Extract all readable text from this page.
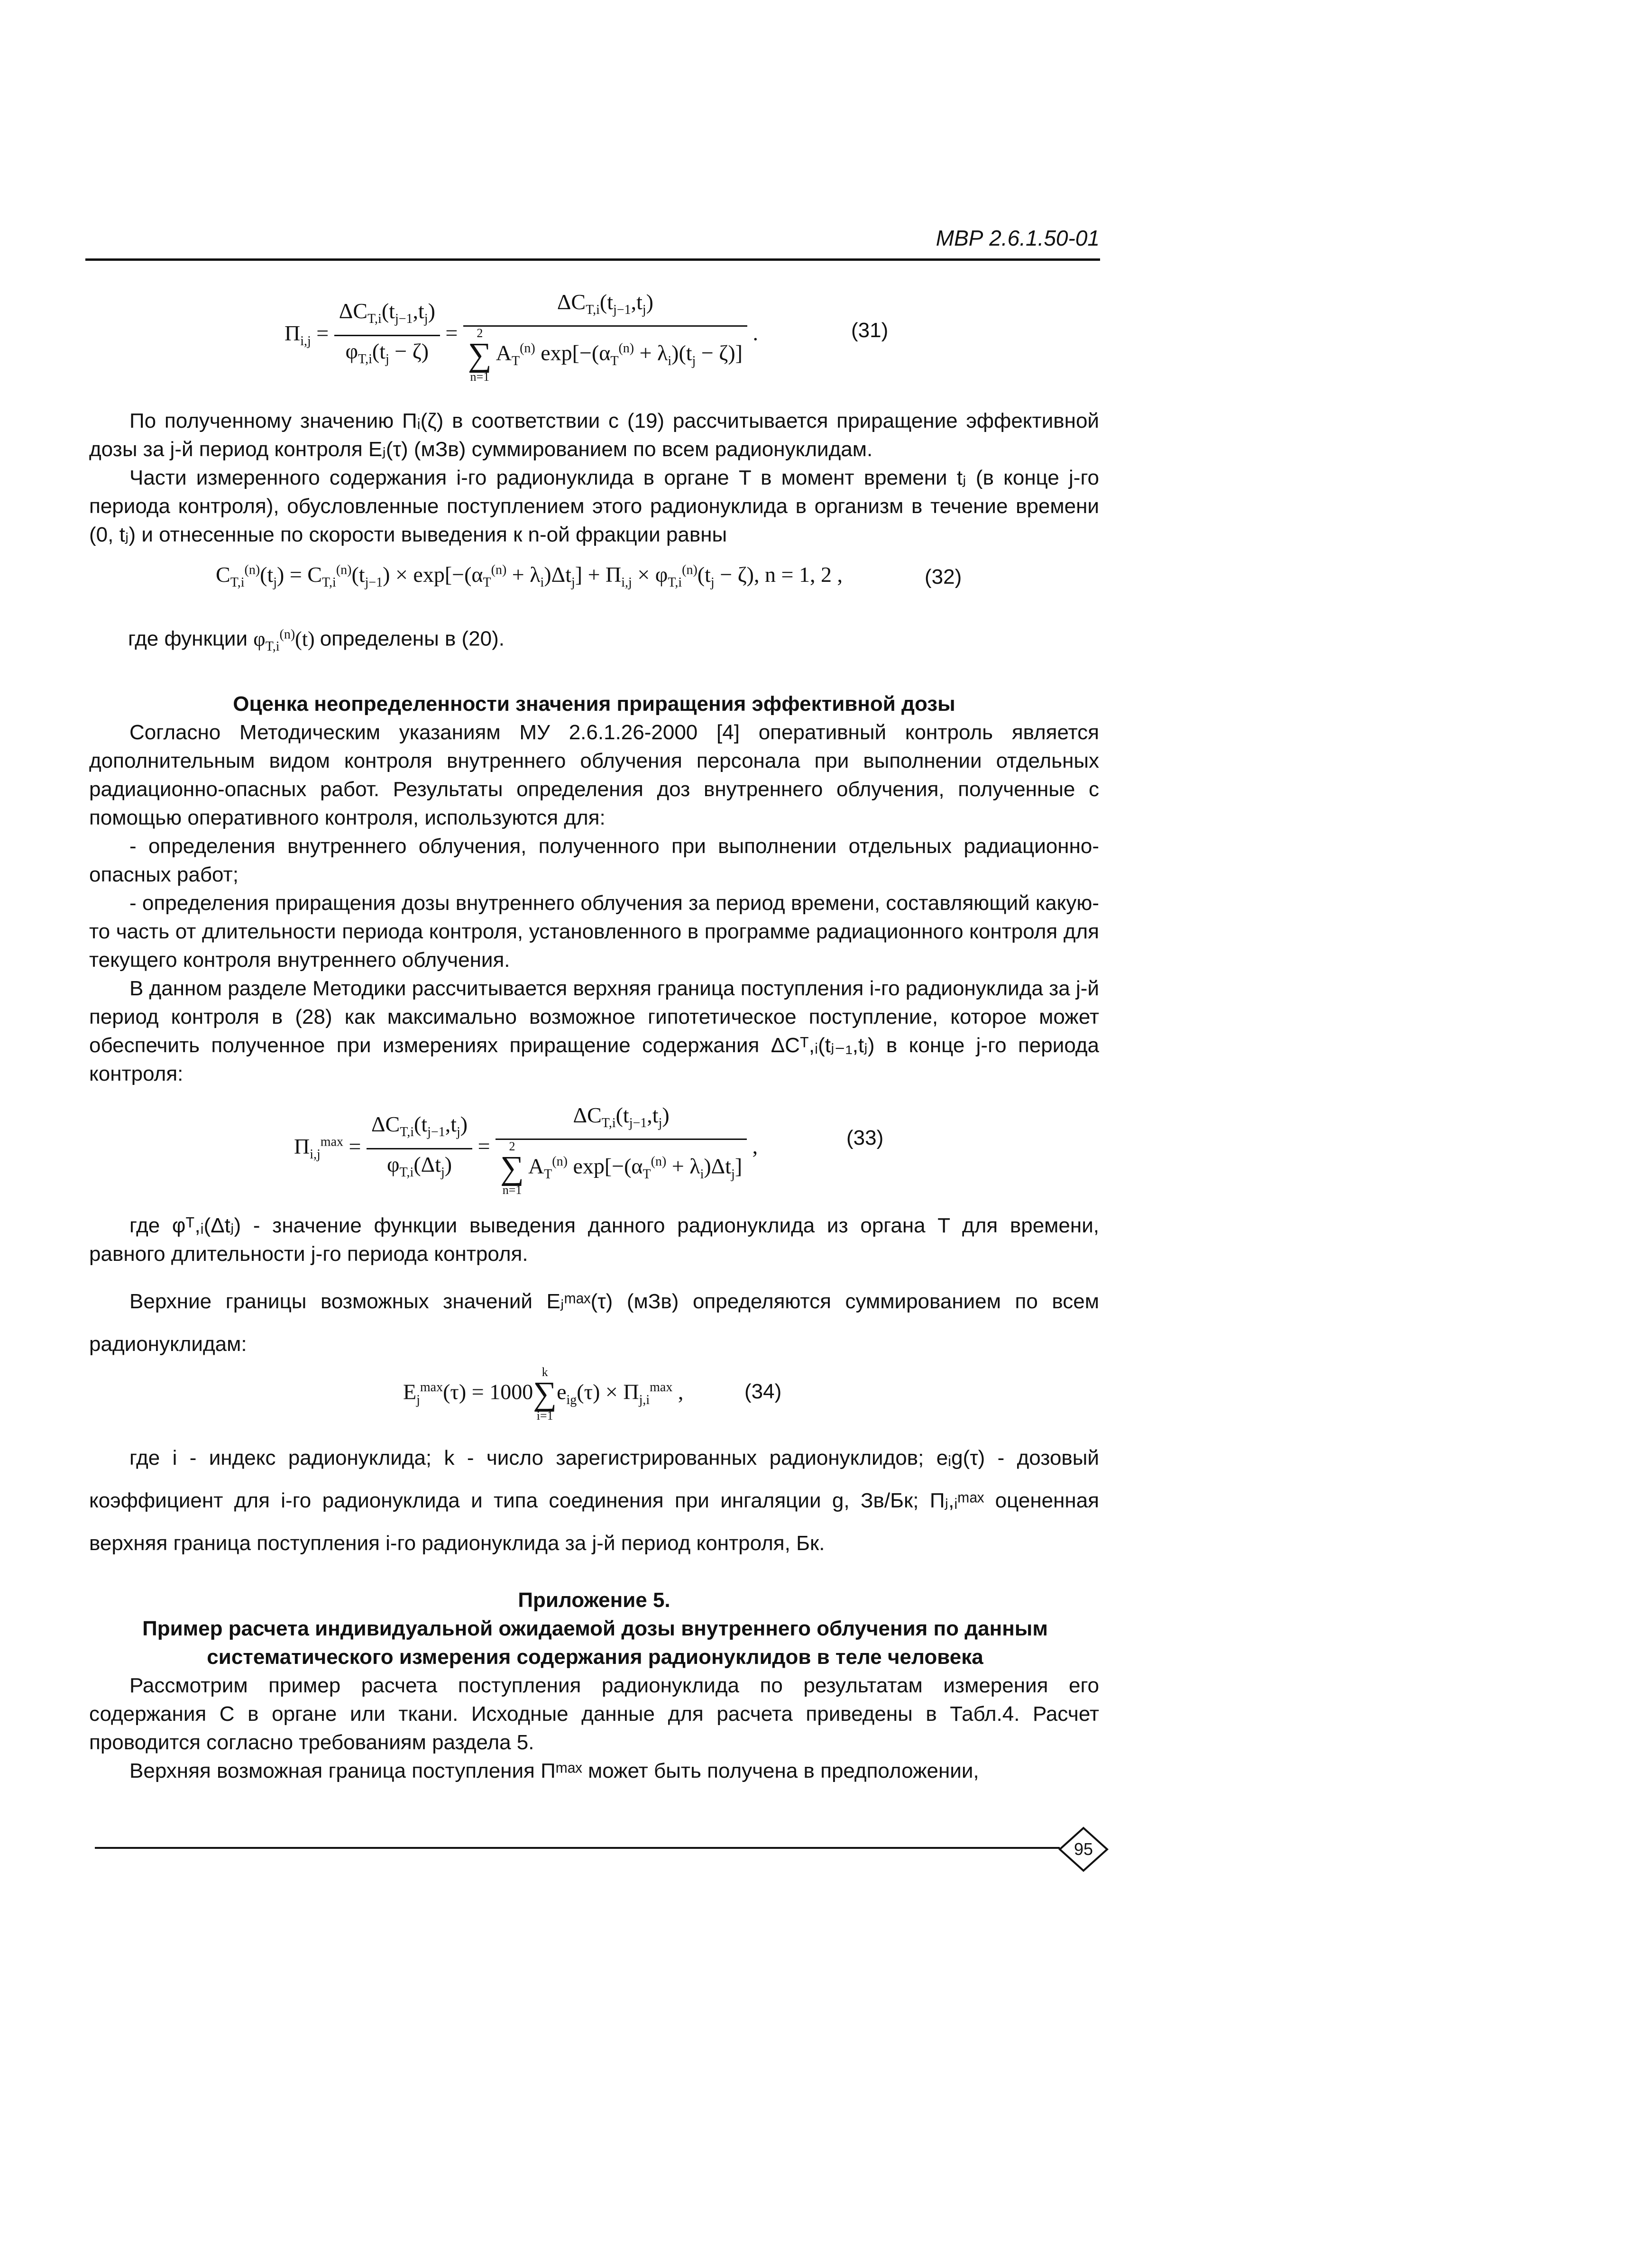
МВР 2.6.1.50-01
$П_{i,j} = \frac{\Delta C_{T,i}(t_{j-1},t_j)}{\varphi_{T,i}(t_j - \zeta)} = \Delta C_{T,i}(t_{j-1},t_j)$
2
∑
n=1
$A_T^{(n)}$ $\exp[-(\alpha_T^{(n)} + \lambda_i)(t_j - \zeta)]$ .	(31)
По полученному значению Пᵢ(ζ) в соответствии с (19) рассчитывается приращение эффективной дозы за j-й период контроля Eⱼ(τ) (мЗв) суммированием по всем радионуклидам.
Части измеренного содержания i-го радионуклида в органе T в момент времени tⱼ (в конце j-го периода контроля), обусловленные поступлением этого радионуклида в организм в течение времени (0, tⱼ) и отнесенные по скорости выведения к n-ой фракции равны
$C_{T,i}^{(n)}(t_j) = C_{T,i}^{(n)}(t_{j-1}) \times \exp[-(\alpha_T^{(n)} + \lambda_i)\Delta t_j] + П_{i,j} \times \varphi_{T,i}^{(n)}(t_j - \zeta)$, n = 1, 2 ,	(32)
где функции $\varphi_{T,i}^{(n)}(t)$ определены в (20).
Оценка неопределенности значения приращения эффективной дозы
Согласно Методическим указаниям МУ 2.6.1.26-2000 [4] оперативный контроль является дополнительным видом контроля внутреннего облучения персонала при выполнении отдельных радиационно-опасных работ. Результаты определения доз внутреннего облучения, полученные с помощью оперативного контроля, используются для:
- определения внутреннего облучения, полученного при выполнении отдельных радиационно-опасных работ;
- определения приращения дозы внутреннего облучения за период времени, составляющий какую-то часть от длительности периода контроля, установленного в программе радиационного контроля для текущего контроля внутреннего облучения.
В данном разделе Методики рассчитывается верхняя граница поступления i-го радионуклида за j-й период контроля в (28) как максимально возможное гипотетическое поступление, которое может обеспечить полученное при измерениях приращение содержания ΔCᵀ,ᵢ(tⱼ₋₁,tⱼ) в конце j-го периода контроля:
$П_{i,j}^{max} = \frac{\Delta C_{T,i}(t_{j-1},t_j)}{\varphi_{T,i}(\Delta t_j)} = \Delta C_{T,i}(t_{j-1},t_j)$
2
∑
n=1
$A_T^{(n)}$ $\exp[-(\alpha_T^{(n)} + \lambda_i)\Delta t_j]$ ,	(33)
где φᵀ,ᵢ(Δtⱼ) - значение функции выведения данного радионуклида из органа T для времени, равного длительности j-го периода контроля.
Верхние границы возможных значений Eⱼᵐᵃˣ(τ) (мЗв) определяются суммированием по всем радионуклидам:
$E_j^{max}(\tau) = 1000$
k
∑
i=1
$e_{ig}(\tau) \times П_{j,i}^{max}$ ,	(34)
где i - индекс радионуклида; k - число зарегистрированных радионуклидов; eᵢg(τ) - дозовый коэффициент для i-го радионуклида и типа соединения при ингаляции g, Зв/Бк; Пⱼ,ᵢᵐᵃˣ оцененная верхняя граница поступления i-го радионуклида за j-й период контроля, Бк.
Приложение 5.
Пример расчета индивидуальной ожидаемой дозы внутреннего облучения по данным систематического измерения содержания радионуклидов в теле человека
Рассмотрим пример расчета поступления радионуклида по результатам измерения его содержания C в органе или ткани. Исходные данные для расчета приведены в Табл.4. Расчет проводится согласно требованиям раздела 5.
Верхняя возможная граница поступления Пᵐᵃˣ может быть получена в предположении,
95
